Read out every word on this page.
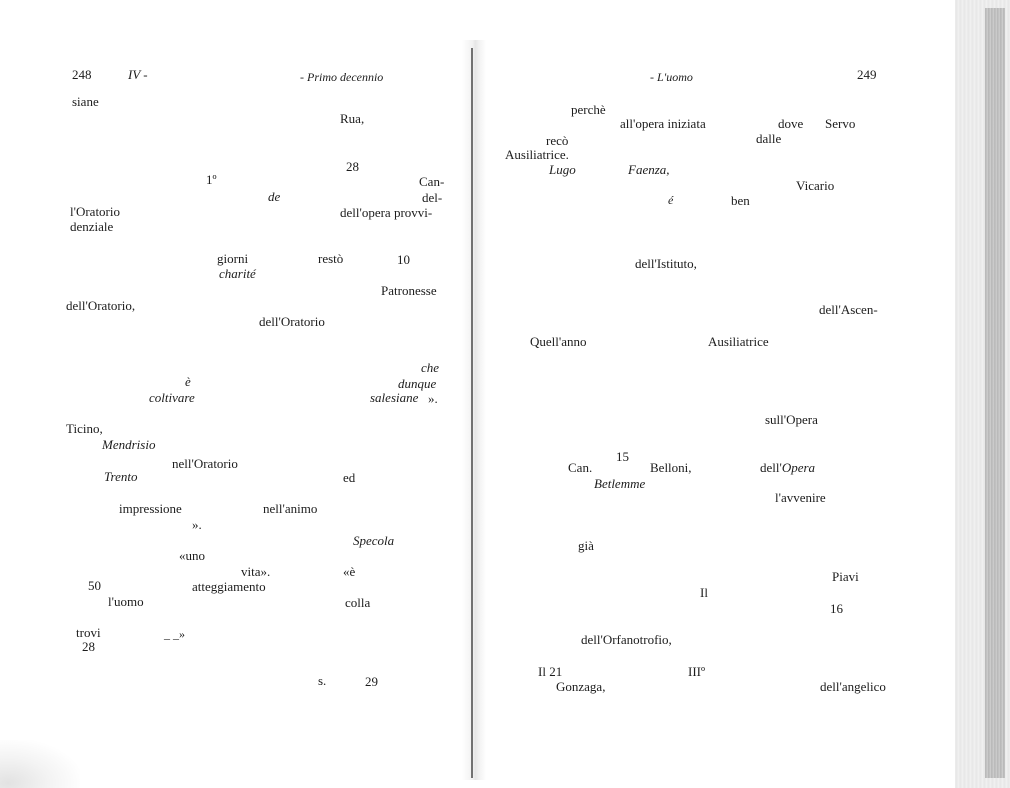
248	IV -	- Primo decennio
siane
Rua,
28
1º	Can-
de	del-
l'Oratorio	dell'opera provvi-
denziale
giorni	restò	10
charité
Patronesse
dell'Oratorio,
dell'Oratorio
che
è	dunque
coltivare	salesiane ».
Ticino,
Mendrisio
nell'Oratorio
Trento	ed
impressione	nell'animo
».
Specola
«uno
vita».	«è
50	atteggiamento
l'uomo	colla
trovi	_ _»
28
s.	29
- L'uomo	249
perchè
all'opera iniziata	dove Servo
recò	dalle
Ausiliatrice.
Lugo	Faenza,
Vicario
é	ben
dell'Istituto,
dell'Ascen-
Quell'anno	Ausiliatrice
sull'Opera
15
Can.	Belloni,	dell'Opera
Betlemme
l'avvenire
già
Piavi
Il
16
dell'Orfanotrofio,
Il 21	IIIº
Gonzaga,	dell'angelico
